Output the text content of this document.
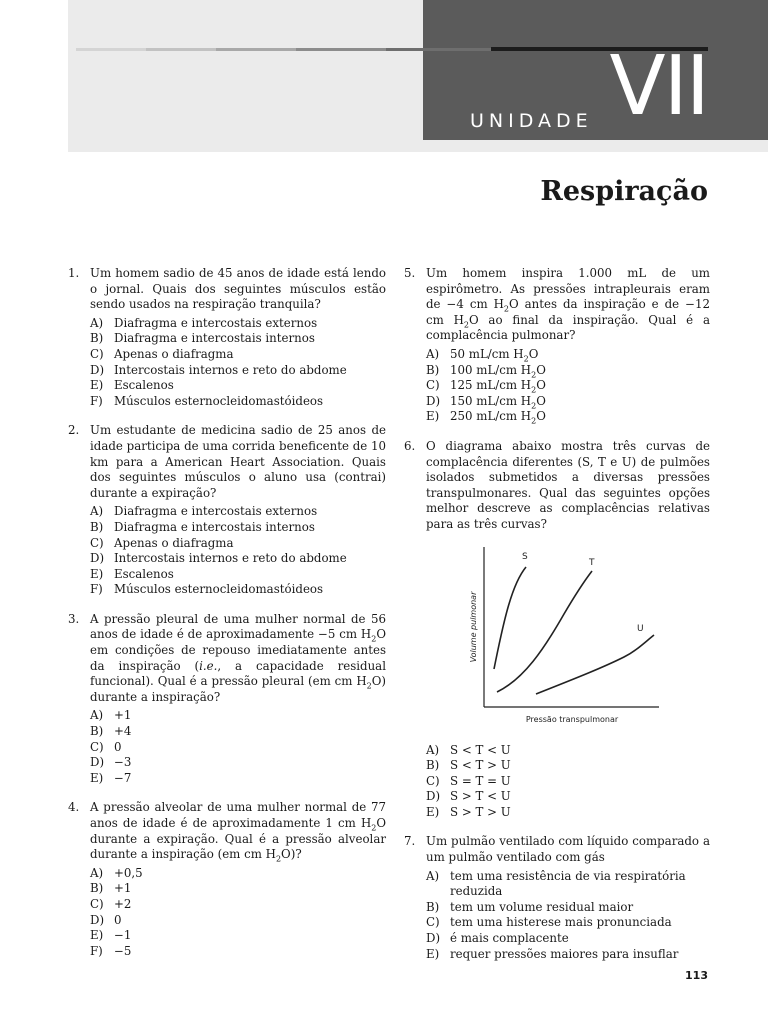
UNIDADE VII
Respiração
1. Um homem sadio de 45 anos de idade está lendo o jornal. Quais dos seguintes músculos estão sendo usados na respiração tranquila?
A) Diafragma e intercostais externos
B) Diafragma e intercostais internos
C) Apenas o diafragma
D) Intercostais internos e reto do abdome
E) Escalenos
F) Músculos esternocleidomastóideos
2. Um estudante de medicina sadio de 25 anos de idade participa de uma corrida beneficente de 10 km para a American Heart Association. Quais dos seguintes músculos o aluno usa (contrai) durante a expiração?
A) Diafragma e intercostais externos
B) Diafragma e intercostais internos
C) Apenas o diafragma
D) Intercostais internos e reto do abdome
E) Escalenos
F) Músculos esternocleidomastóideos
3. A pressão pleural de uma mulher normal de 56 anos de idade é de aproximadamente −5 cm $H_2O$ em condições de repouso imediatamente antes da inspiração (i.e., a capacidade residual funcional). Qual é a pressão pleural (em cm $H_2O$) durante a inspiração?
A) +1
B) +4
C) 0
D) −3
E) −7
4. A pressão alveolar de uma mulher normal de 77 anos de idade é de aproximadamente 1 cm $H_2O$ durante a expiração. Qual é a pressão alveolar durante a inspiração (em cm $H_2O$)?
A) +0,5
B) +1
C) +2
D) 0
E) −1
F) −5
5. Um homem inspira 1.000 mL de um espirômetro. As pressões intrapleurais eram de −4 cm $H_2O$ antes da inspiração e de −12 cm $H_2O$ ao final da inspiração. Qual é a complacência pulmonar?
A) 50 mL/cm $H_2O$
B) 100 mL/cm $H_2O$
C) 125 mL/cm $H_2O$
D) 150 mL/cm $H_2O$
E) 250 mL/cm $H_2O$
6. O diagrama abaixo mostra três curvas de complacência diferentes (S, T e U) de pulmões isolados submetidos a diversas pressões transpulmonares. Qual das seguintes opções melhor descreve as complacências relativas para as três curvas?
S
T
U
Pressão transpulmonar
Volume pulmonar
A) S < T < U
B) S < T > U
C) S = T = U
D) S > T < U
E) S > T > U
7. Um pulmão ventilado com líquido comparado a um pulmão ventilado com gás
A) tem uma resistência de via respiratória reduzida
B) tem um volume residual maior
C) tem uma histerese mais pronunciada
D) é mais complacente
E) requer pressões maiores para insuflar
113
